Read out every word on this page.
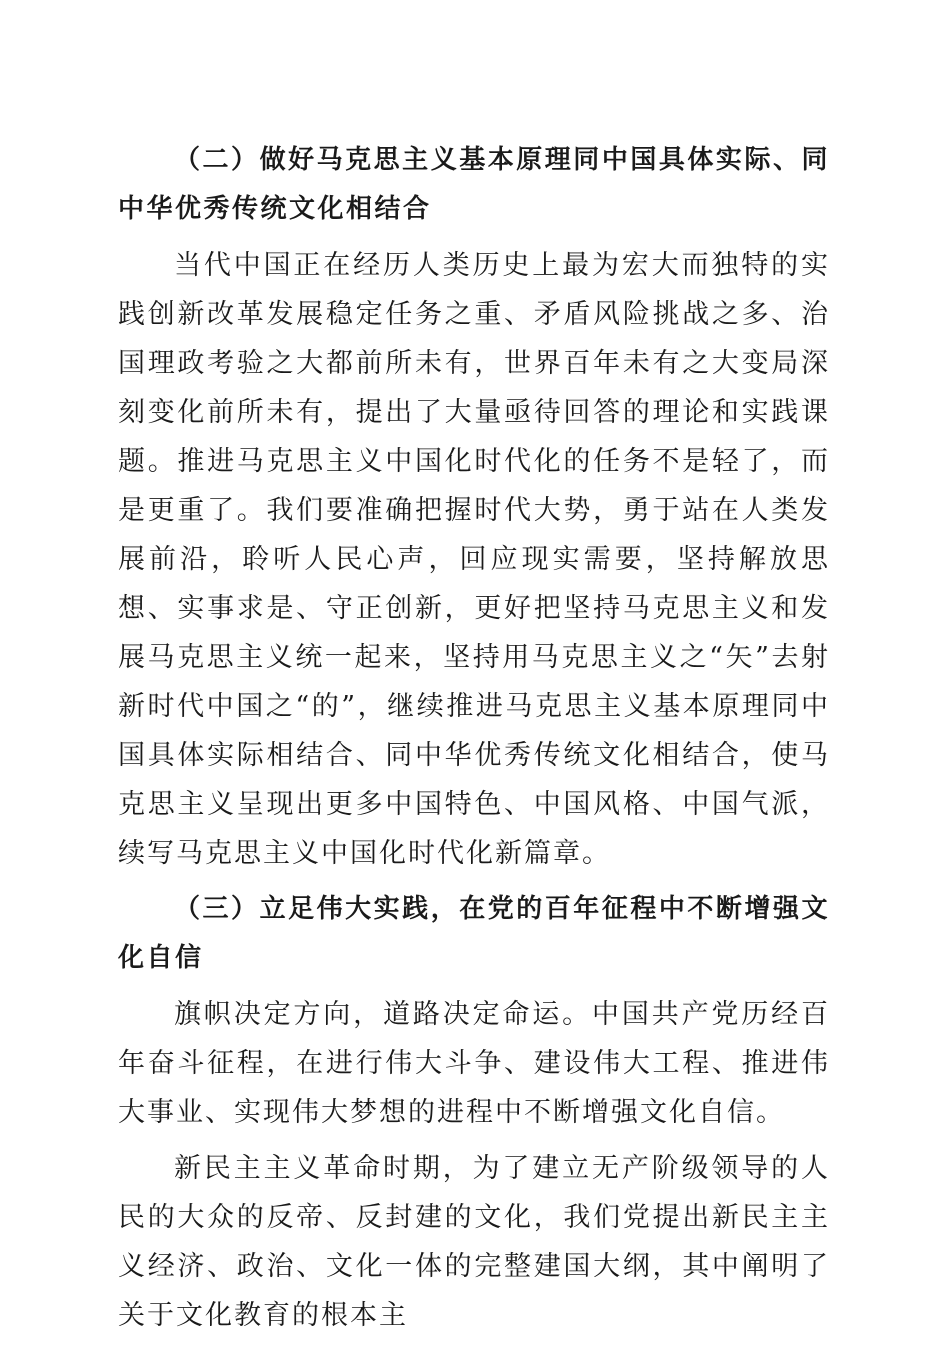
（二）做好马克思主义基本原理同中国具体实际、同中华优秀传统文化相结合

当代中国正在经历人类历史上最为宏大而独特的实践创新改革发展稳定任务之重、矛盾风险挑战之多、治国理政考验之大都前所未有，世界百年未有之大变局深刻变化前所未有，提出了大量亟待回答的理论和实践课题。推进马克思主义中国化时代化的任务不是轻了，而是更重了。我们要准确把握时代大势，勇于站在人类发展前沿，聆听人民心声，回应现实需要，坚持解放思想、实事求是、守正创新，更好把坚持马克思主义和发展马克思主义统一起来，坚持用马克思主义之“矢”去射新时代中国之“的”，继续推进马克思主义基本原理同中国具体实际相结合、同中华优秀传统文化相结合，使马克思主义呈现出更多中国特色、中国风格、中国气派，续写马克思主义中国化时代化新篇章。

（三）立足伟大实践，在党的百年征程中不断增强文化自信

旗帜决定方向，道路决定命运。中国共产党历经百年奋斗征程，在进行伟大斗争、建设伟大工程、推进伟大事业、实现伟大梦想的进程中不断增强文化自信。

新民主主义革命时期，为了建立无产阶级领导的人民的大众的反帝、反封建的文化，我们党提出新民主主义经济、政治、文化一体的完整建国大纲，其中阐明了关于文化教育的根本主
